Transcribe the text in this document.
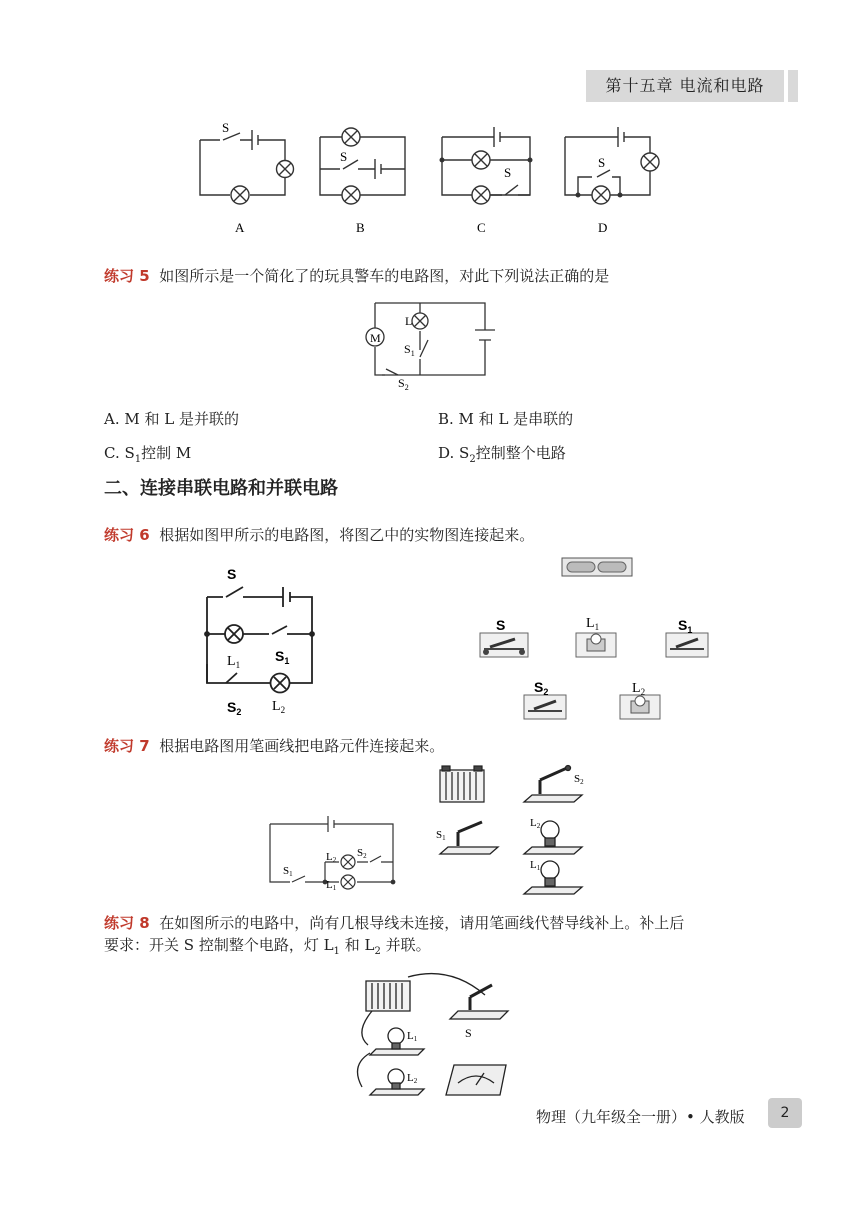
第十五章 电流和电路
S
S
S
S
A	B	C	D
练习 5 如图所示是一个简化了的玩具警车的电路图，对此下列说法正确的是
M
L
$S_1$
$S_2$
A. M 和 L 是并联的	B. M 和 L 是串联的
C. $S_1$控制 M	D. $S_2$控制整个电路
二、连接串联电路和并联电路
练习 6 根据如图甲所示的电路图，将图乙中的实物图连接起来。
S
$S_1$
$L_1$
$S_2$ $L_2$
S	$L_1$	$S_1$
$S_2$	$L_2$
练习 7 根据电路图用笔画线把电路元件连接起来。
S1
L2
S2
L1
S2
S1
L2
L1
练习 8 在如图所示的电路中，尚有几根导线未连接，请用笔画线代替导线补上。补上后
要求：开关 S 控制整个电路，灯 $L_1$ 和 $L_2$ 并联。
S
L1
L2
物理（九年级全一册）• 人教版	2
